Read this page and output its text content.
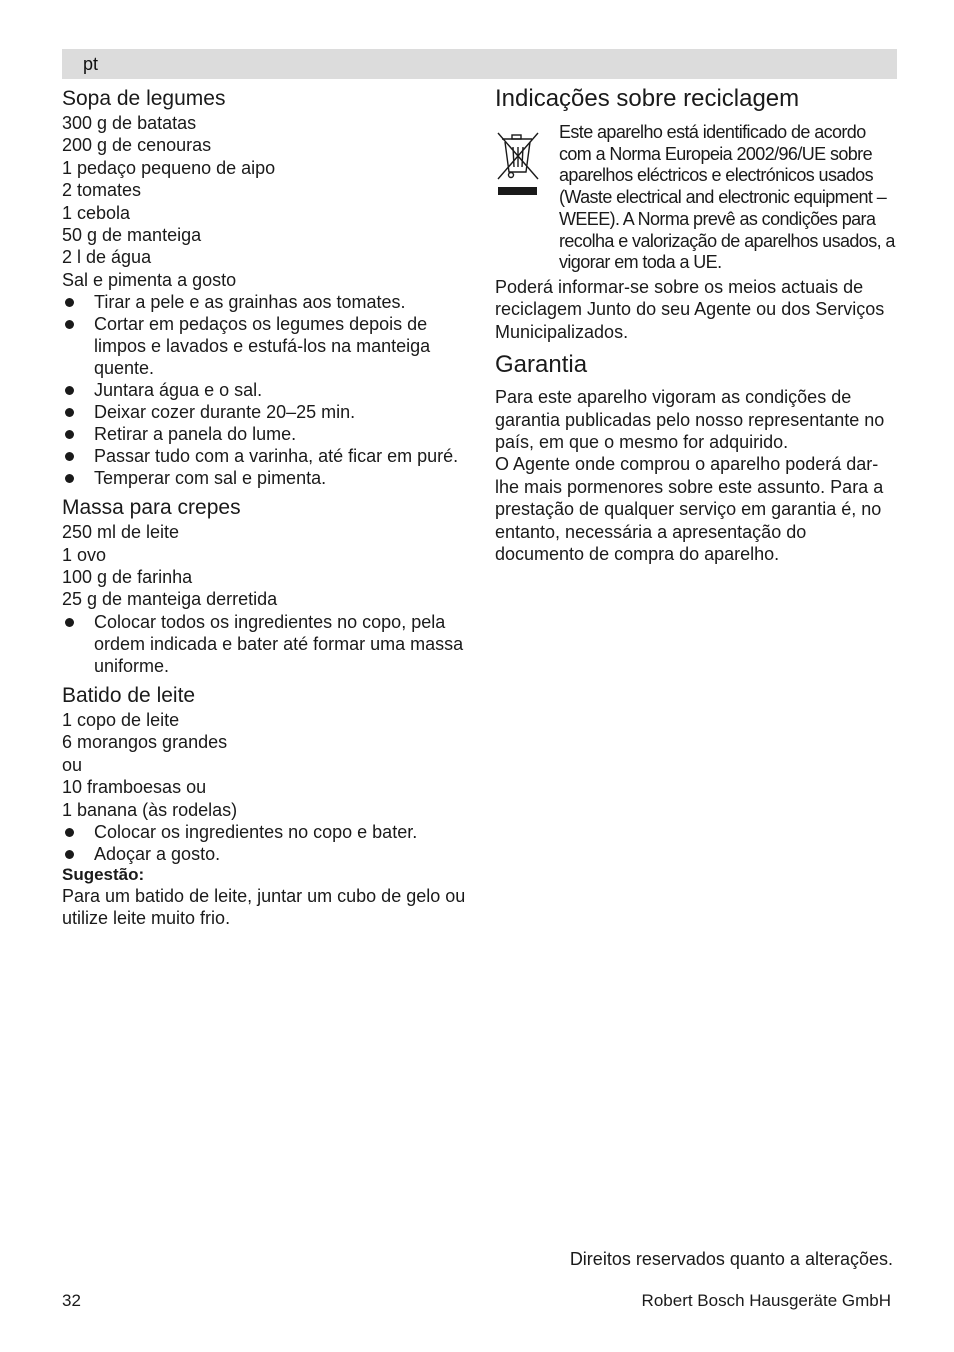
pt
Sopa de legumes

300 g de batatas

200 g de cenouras

1 pedaço pequeno de aipo

2 tomates

1 cebola

50 g de manteiga

2 l de água

Sal e pimenta a gosto

Tirar a pele e as grainhas aos tomates.
Cortar em pedaços os legumes depois de limpos e lavados e estufá-los na manteiga quente.
Juntara água e o sal.
Deixar cozer durante 20–25 min.
Retirar a panela do lume.
Passar tudo com a varinha, até ficar em puré.
Temperar com sal e pimenta.
Massa para crepes

250 ml de leite

1 ovo

100 g de farinha

25 g de manteiga derretida

Colocar todos os ingredientes no copo, pela ordem indicada e bater até formar uma massa uniforme.
Batido de leite

1 copo de leite

6 morangos grandes

ou

10 framboesas ou

1 banana (às rodelas)

Colocar os ingredientes no copo e bater.
Adoçar a gosto.

Sugestão:

Para um batido de leite, juntar um cubo de gelo ou utilize leite muito frio.

Indicações sobre reciclagem
Este aparelho está identificado de acordo com a Norma Europeia 2002/96/UE sobre aparelhos eléctricos e electrónicos usados (Waste electrical and electronic equipment – WEEE). A Norma prevê as condições para recolha e valorização de aparelhos usados, a vigorar em toda a UE.

Poderá informar-se sobre os meios actuais de reciclagem Junto do seu Agente ou dos Serviços Municipalizados.

Garantia

Para este aparelho vigoram as condições de garantia publicadas pelo nosso representante no país, em que o mesmo for adquirido.

O Agente onde comprou o aparelho poderá dar-lhe mais pormenores sobre este assunto. Para a prestação de qualquer serviço em garantia é, no entanto, necessária a apresentação do documento de compra do aparelho.

Direitos reservados quanto a alterações.
32	Robert Bosch Hausgeräte GmbH
